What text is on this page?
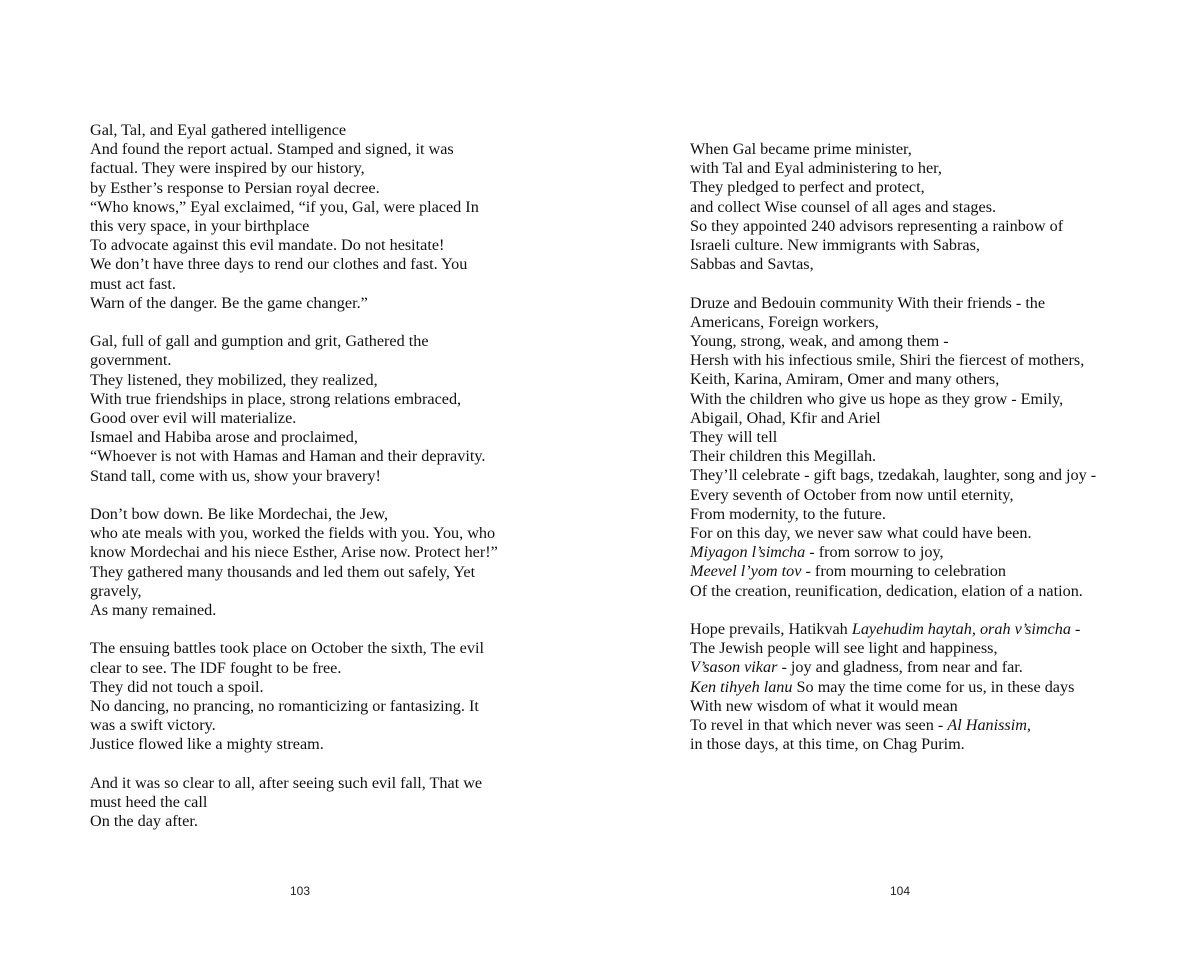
Gal, Tal, and Eyal gathered intelligence
And found the report actual. Stamped and signed, it was
factual. They were inspired by our history,
by Esther’s response to Persian royal decree.
“Who knows,” Eyal exclaimed, “if you, Gal, were placed In
this very space, in your birthplace
To advocate against this evil mandate. Do not hesitate!
We don’t have three days to rend our clothes and fast. You
must act fast.
Warn of the danger. Be the game changer.”
Gal, full of gall and gumption and grit, Gathered the
government.
They listened, they mobilized, they realized,
With true friendships in place, strong relations embraced,
Good over evil will materialize.
Ismael and Habiba arose and proclaimed,
“Whoever is not with Hamas and Haman and their depravity.
Stand tall, come with us, show your bravery!
Don’t bow down. Be like Mordechai, the Jew,
who ate meals with you, worked the fields with you. You, who
know Mordechai and his niece Esther, Arise now. Protect her!”
They gathered many thousands and led them out safely, Yet
gravely,
As many remained.
The ensuing battles took place on October the sixth, The evil
clear to see. The IDF fought to be free.
They did not touch a spoil.
No dancing, no prancing, no romanticizing or fantasizing. It
was a swift victory.
Justice flowed like a mighty stream.
And it was so clear to all, after seeing such evil fall, That we
must heed the call
On the day after.
103
When Gal became prime minister,
with Tal and Eyal administering to her,
They pledged to perfect and protect,
and collect Wise counsel of all ages and stages.
So they appointed 240 advisors representing a rainbow of
Israeli culture. New immigrants with Sabras,
Sabbas and Savtas,
Druze and Bedouin community With their friends - the
Americans, Foreign workers,
Young, strong, weak, and among them -
Hersh with his infectious smile, Shiri the fiercest of mothers,
Keith, Karina, Amiram, Omer and many others,
With the children who give us hope as they grow - Emily,
Abigail, Ohad, Kfir and Ariel
They will tell
Their children this Megillah.
They’ll celebrate - gift bags, tzedakah, laughter, song and joy -
Every seventh of October from now until eternity,
From modernity, to the future.
For on this day, we never saw what could have been.
Miyagon l’simcha - from sorrow to joy,
Meevel l’yom tov - from mourning to celebration
Of the creation, reunification, dedication, elation of a nation.
Hope prevails, Hatikvah Layehudim haytah, orah v’simcha -
The Jewish people will see light and happiness,
V’sason vikar - joy and gladness, from near and far.
Ken tihyeh lanu So may the time come for us, in these days
With new wisdom of what it would mean
To revel in that which never was seen - Al Hanissim,
in those days, at this time, on Chag Purim.
104
